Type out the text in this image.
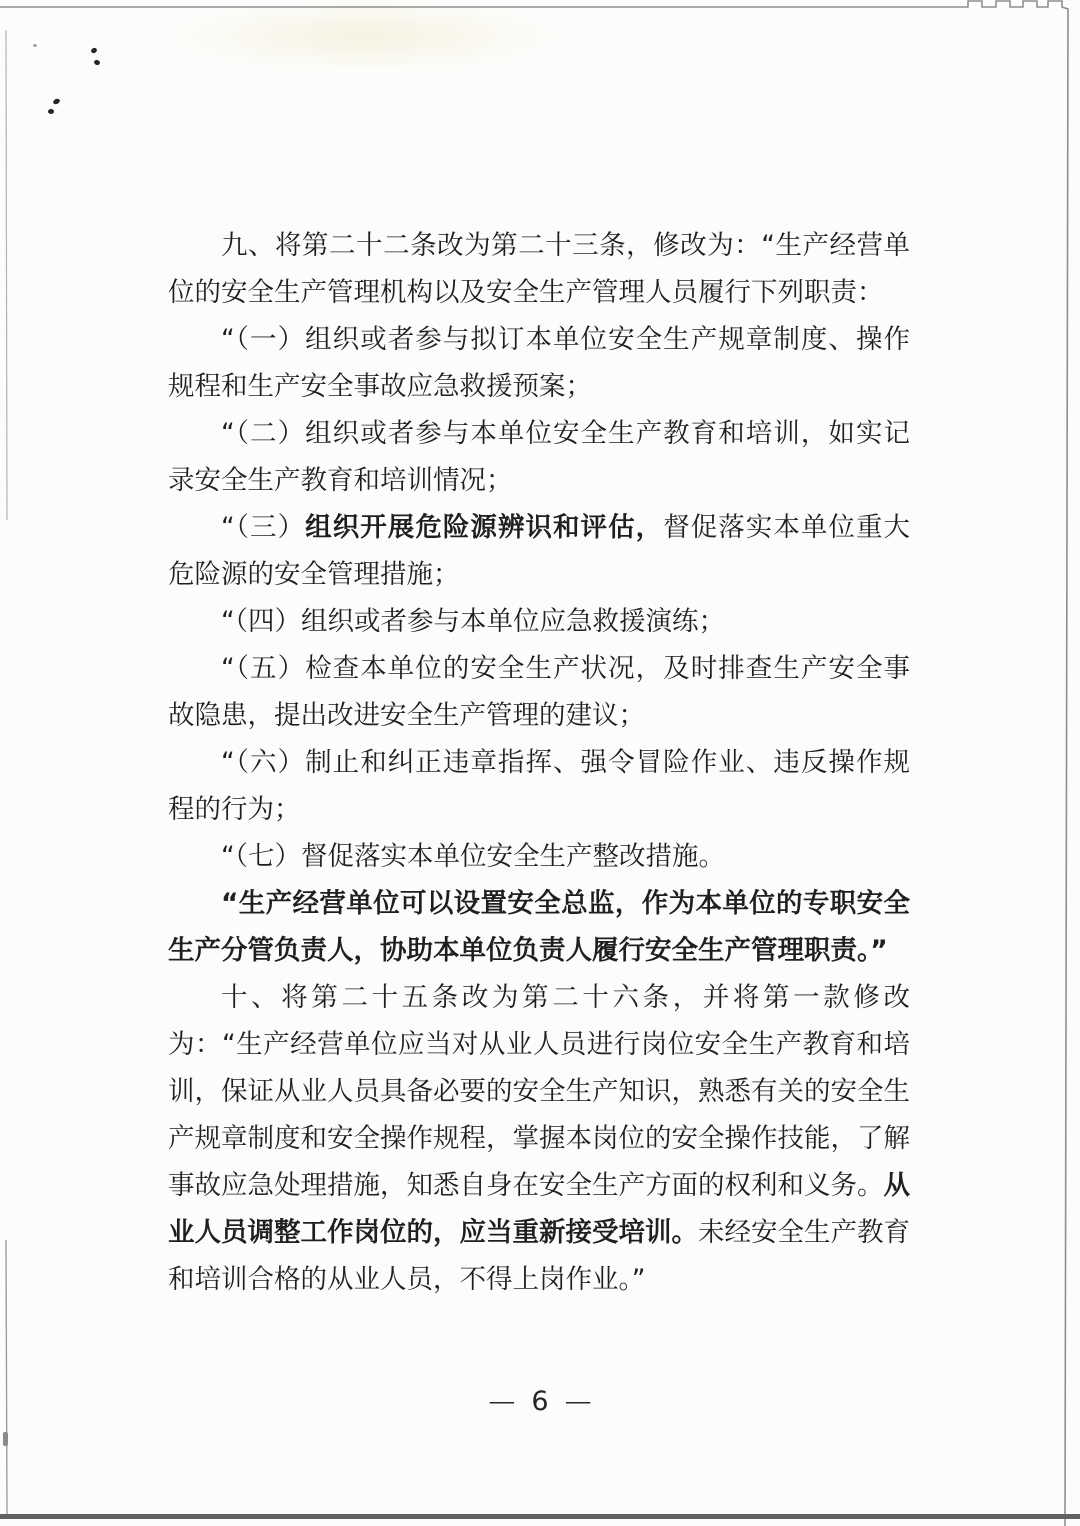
九、将第二十二条改为第二十三条，修改为：“生产经营单位的安全生产管理机构以及安全生产管理人员履行下列职责：
“（一）组织或者参与拟订本单位安全生产规章制度、操作规程和生产安全事故应急救援预案；
“（二）组织或者参与本单位安全生产教育和培训，如实记录安全生产教育和培训情况；
“（三）组织开展危险源辨识和评估，督促落实本单位重大危险源的安全管理措施；
“（四）组织或者参与本单位应急救援演练；
“（五）检查本单位的安全生产状况，及时排查生产安全事故隐患，提出改进安全生产管理的建议；
“（六）制止和纠正违章指挥、强令冒险作业、违反操作规程的行为；
“（七）督促落实本单位安全生产整改措施。
“生产经营单位可以设置安全总监，作为本单位的专职安全生产分管负责人，协助本单位负责人履行安全生产管理职责。”
十、将第二十五条改为第二十六条，并将第一款修改为：“生产经营单位应当对从业人员进行岗位安全生产教育和培训，保证从业人员具备必要的安全生产知识，熟悉有关的安全生产规章制度和安全操作规程，掌握本岗位的安全操作技能，了解事故应急处理措施，知悉自身在安全生产方面的权利和义务。从业人员调整工作岗位的，应当重新接受培训。未经安全生产教育和培训合格的从业人员，不得上岗作业。”
— 6 —
